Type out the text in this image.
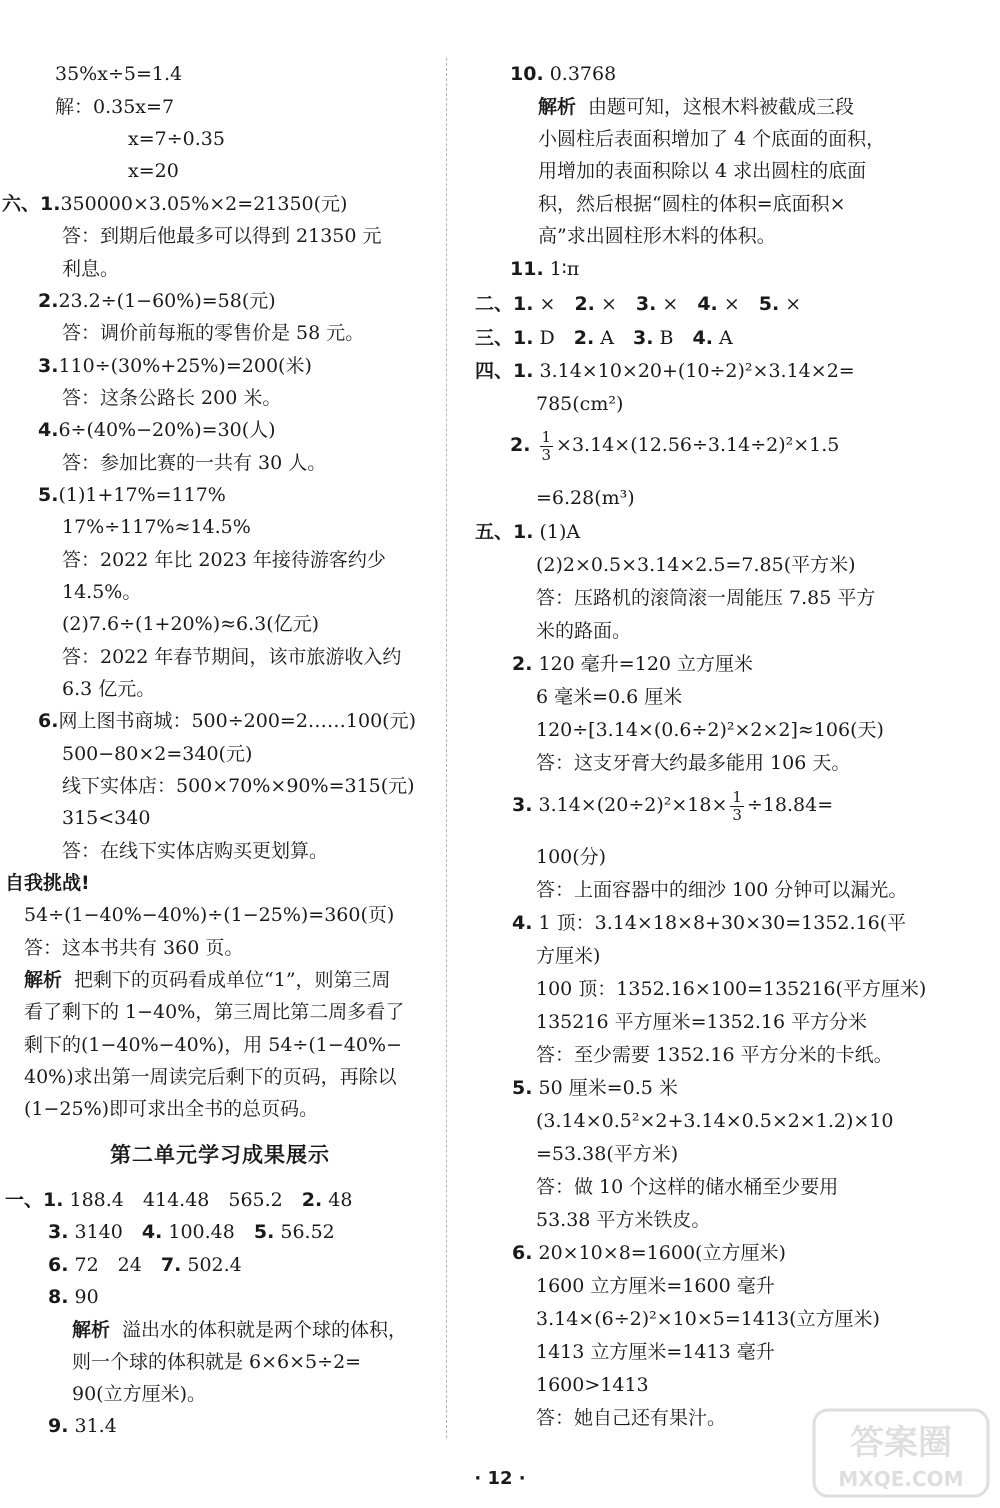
35%x÷5=1.4
解：0.35x=7
x=7÷0.35
x=20
六、1.350000×3.05%×2=21350(元)
答：到期后他最多可以得到 21350 元
利息。
2.23.2÷(1−60%)=58(元)
答：调价前每瓶的零售价是 58 元。
3.110÷(30%+25%)=200(米)
答：这条公路长 200 米。
4.6÷(40%−20%)=30(人)
答：参加比赛的一共有 30 人。
5.(1)1+17%=117%
17%÷117%≈14.5%
答：2022 年比 2023 年接待游客约少
14.5%。
(2)7.6÷(1+20%)≈6.3(亿元)
答：2022 年春节期间，该市旅游收入约
6.3 亿元。
6.网上图书商城：500÷200=2……100(元)
500−80×2=340(元)
线下实体店：500×70%×90%=315(元)
315<340
答：在线下实体店购买更划算。
自我挑战!
54÷(1−40%−40%)÷(1−25%)=360(页)
答：这本书共有 360 页。
解析 把剩下的页码看成单位“1”，则第三周
看了剩下的 1−40%，第三周比第二周多看了
剩下的(1−40%−40%)，用 54÷(1−40%−
40%)求出第一周读完后剩下的页码，再除以
(1−25%)即可求出全书的总页码。
第二单元学习成果展示
一、1. 188.4　414.48　565.2　 2. 48
3. 3140　 4. 100.48　 5. 56.52
6. 72　24　 7. 502.4
8. 90
解析 溢出水的体积就是两个球的体积，
则一个球的体积就是 6×6×5÷2=
90(立方厘米)。
9. 31.4
10. 0.3768
解析 由题可知，这根木料被截成三段
小圆柱后表面积增加了 4 个底面的面积，
用增加的表面积除以 4 求出圆柱的底面
积，然后根据“圆柱的体积=底面积×
高”求出圆柱形木料的体积。
11. 1∶π
二、1. ×　 2. ×　 3. ×　 4. ×　 5. ×
三、1. D　 2. A　 3. B　 4. A
四、1. 3.14×10×20+(10÷2)²×3.14×2=
785(cm²)
2. $\frac{1}{3} \times 3.14\times(12.56\div 3.14\div 2)^2\times 1.5$
=6.28(m³)
五、1. (1)A
(2)2×0.5×3.14×2.5=7.85(平方米)
答：压路机的滚筒滚一周能压 7.85 平方
米的路面。
2. 120 毫升=120 立方厘米
6 毫米=0.6 厘米
120÷[3.14×(0.6÷2)²×2×2]≈106(天)
答：这支牙膏大约最多能用 106 天。
3. $3.14\times(20\div 2)^2\times 18\times \frac{1}{3} \div 18.84=$
100(分)
答：上面容器中的细沙 100 分钟可以漏光。
4. 1 顶：3.14×18×8+30×30=1352.16(平
方厘米)
100 顶：1352.16×100=135216(平方厘米)
135216 平方厘米=1352.16 平方分米
答：至少需要 1352.16 平方分米的卡纸。
5. 50 厘米=0.5 米
(3.14×0.5²×2+3.14×0.5×2×1.2)×10
=53.38(平方米)
答：做 10 个这样的储水桶至少要用
53.38 平方米铁皮。
6. 20×10×8=1600(立方厘米)
1600 立方厘米=1600 毫升
3.14×(6÷2)²×10×5=1413(立方厘米)
1413 立方厘米=1413 毫升
1600>1413
答：她自己还有果汁。
· 12 ·
答案圈
MXQE.COM
